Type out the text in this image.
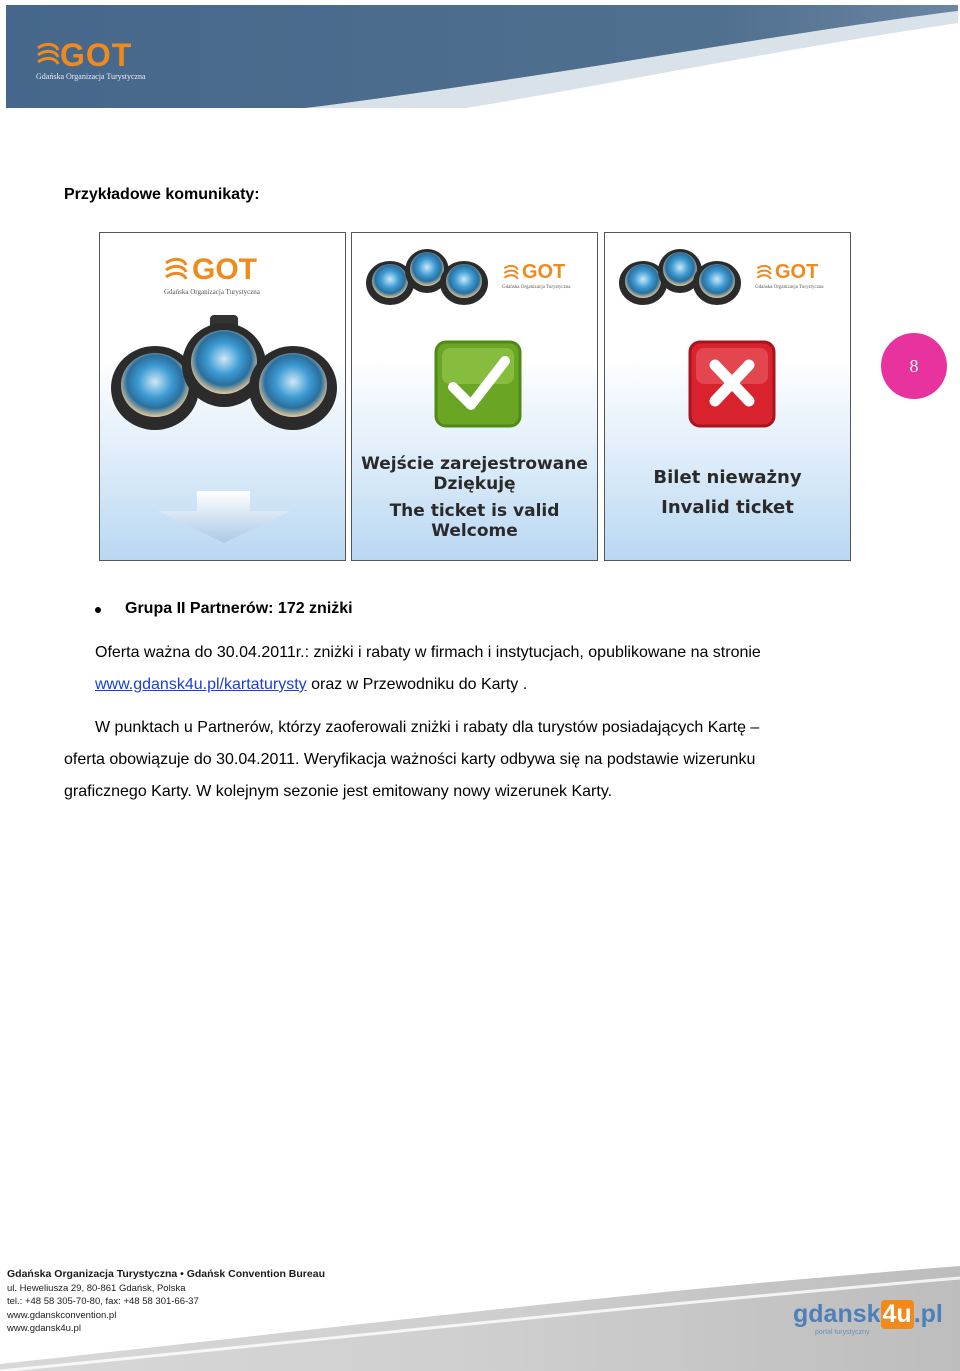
GOT
Gdańska Organizacja Turystyczna
Przykładowe komunikaty:
8
GOT
Gdańska Organizacja Turystyczna
GOT
Gdańska Organizacja Turystyczna
Wejście zarejestrowane
Dziękuję
The ticket is valid
Welcome
GOT
Gdańska Organizacja Turystyczna
Bilet nieważny
Invalid ticket
Grupa II Partnerów: 172 zniżki
Oferta ważna do 30.04.2011r.: zniżki i rabaty w firmach i instytucjach, opublikowane na stronie
www.gdansk4u.pl/kartaturysty oraz w Przewodniku do Karty .
W punktach u Partnerów, którzy zaoferowali zniżki i rabaty dla turystów posiadających Kartę –
oferta obowiązuje do 30.04.2011. Weryfikacja ważności karty odbywa się na podstawie wizerunku
graficznego Karty. W kolejnym sezonie jest emitowany nowy wizerunek Karty.
Gdańska Organizacja Turystyczna • Gdańsk Convention Bureau
ul. Heweliusza 29, 80-861 Gdańsk, Polska
tel.: +48 58 305-70-80, fax: +48 58 301-66-37
www.gdanskconvention.pl
www.gdansk4u.pl
gdansk4u.pl
portal turystyczny
